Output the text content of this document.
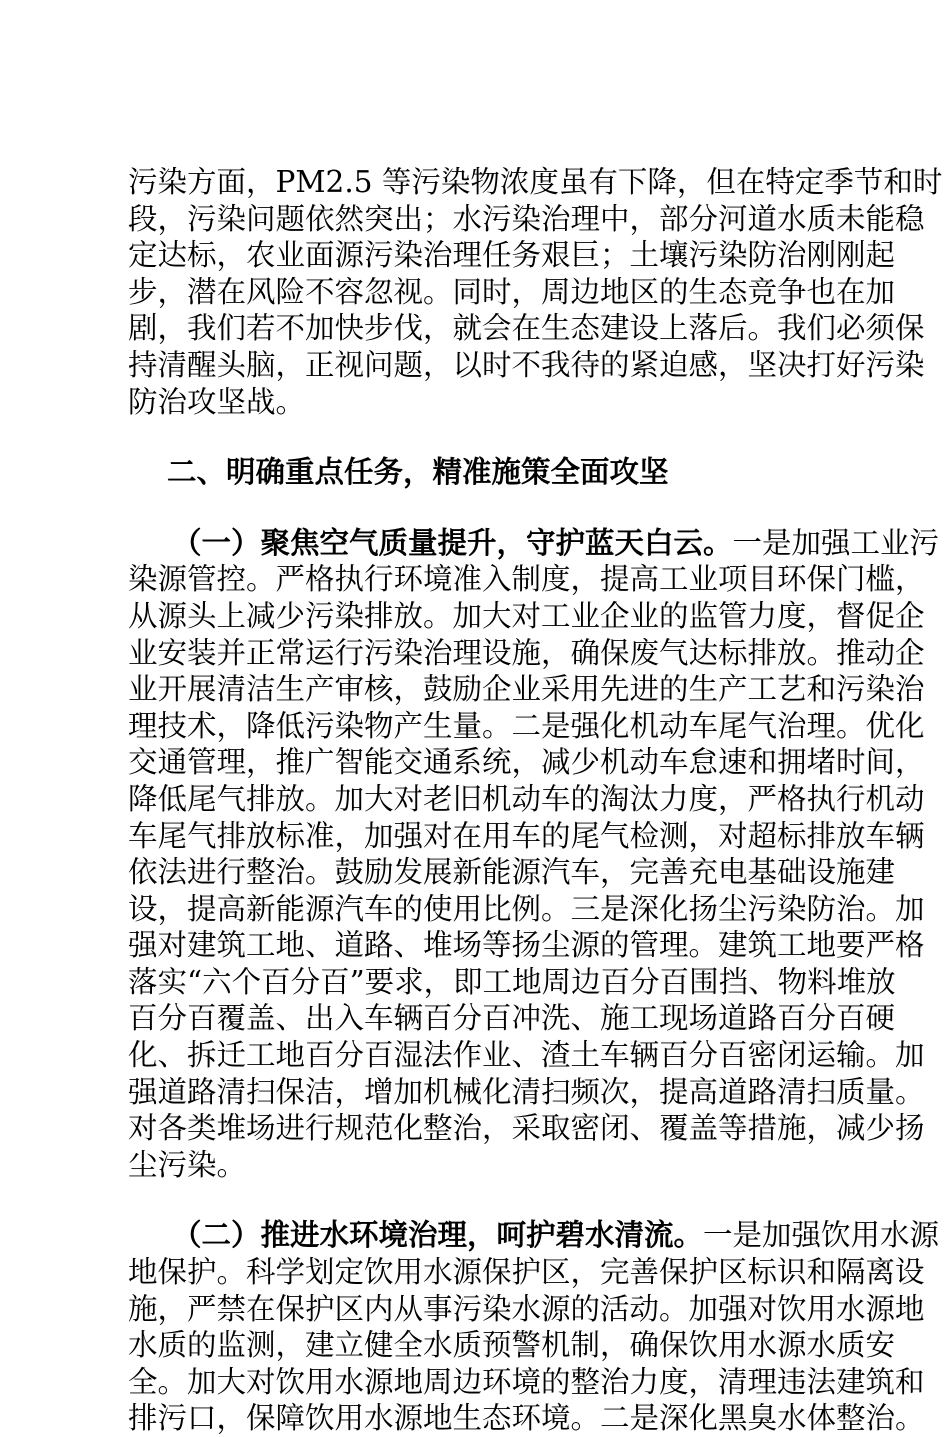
污染方面，PM2.5 等污染物浓度虽有下降，但在特定季节和时
段，污染问题依然突出；水污染治理中，部分河道水质未能稳
定达标，农业面源污染治理任务艰巨；土壤污染防治刚刚起
步，潜在风险不容忽视。同时，周边地区的生态竞争也在加
剧，我们若不加快步伐，就会在生态建设上落后。我们必须保
持清醒头脑，正视问题，以时不我待的紧迫感，坚决打好污染
防治攻坚战。
二、明确重点任务，精准施策全面攻坚
（一）聚焦空气质量提升，守护蓝天白云。一是加强工业污
染源管控。严格执行环境准入制度，提高工业项目环保门槛，
从源头上减少污染排放。加大对工业企业的监管力度，督促企
业安装并正常运行污染治理设施，确保废气达标排放。推动企
业开展清洁生产审核，鼓励企业采用先进的生产工艺和污染治
理技术，降低污染物产生量。二是强化机动车尾气治理。优化
交通管理，推广智能交通系统，减少机动车怠速和拥堵时间，
降低尾气排放。加大对老旧机动车的淘汰力度，严格执行机动
车尾气排放标准，加强对在用车的尾气检测，对超标排放车辆
依法进行整治。鼓励发展新能源汽车，完善充电基础设施建
设，提高新能源汽车的使用比例。三是深化扬尘污染防治。加
强对建筑工地、道路、堆场等扬尘源的管理。建筑工地要严格
落实“六个百分百”要求，即工地周边百分百围挡、物料堆放
百分百覆盖、出入车辆百分百冲洗、施工现场道路百分百硬
化、拆迁工地百分百湿法作业、渣土车辆百分百密闭运输。加
强道路清扫保洁，增加机械化清扫频次，提高道路清扫质量。
对各类堆场进行规范化整治，采取密闭、覆盖等措施，减少扬
尘污染。
（二）推进水环境治理，呵护碧水清流。一是加强饮用水源
地保护。科学划定饮用水源保护区，完善保护区标识和隔离设
施，严禁在保护区内从事污染水源的活动。加强对饮用水源地
水质的监测，建立健全水质预警机制，确保饮用水源水质安
全。加大对饮用水源地周边环境的整治力度，清理违法建筑和
排污口，保障饮用水源地生态环境。二是深化黑臭水体整治。
